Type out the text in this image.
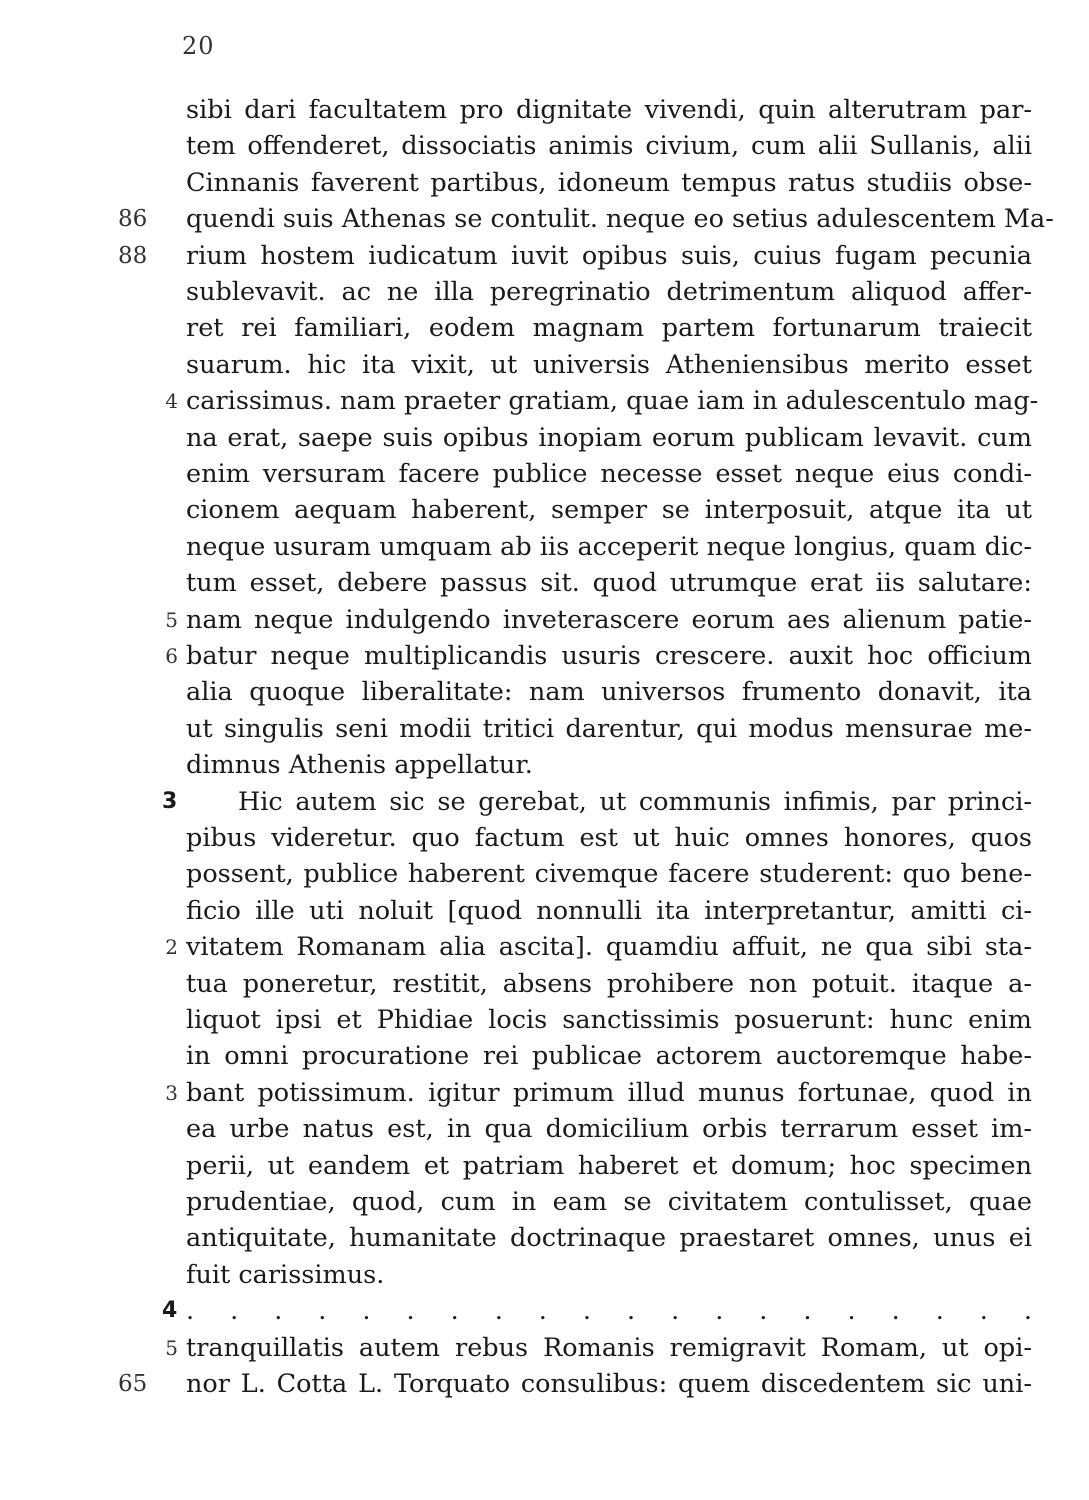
20
sibi dari facultatem pro dignitate vivendi, quin alterutram par-
tem offenderet, dissociatis animis civium, cum alii Sullanis, alii
Cinnanis faverent partibus, idoneum tempus ratus studiis obse-
86	quendi suis Athenas se contulit. neque eo setius adulescentem Ma-
88	rium hostem iudicatum iuvit opibus suis, cuius fugam pecunia
sublevavit. ac ne illa peregrinatio detrimentum aliquod affer-
ret rei familiari, eodem magnam partem fortunarum traiecit
suarum. hic ita vixit, ut universis Atheniensibus merito esset
4 carissimus. nam praeter gratiam, quae iam in adulescentulo mag-
na erat, saepe suis opibus inopiam eorum publicam levavit. cum
enim versuram facere publice necesse esset neque eius condi-
cionem aequam haberent, semper se interposuit, atque ita ut
neque usuram umquam ab iis acceperit neque longius, quam dic-
tum esset, debere passus sit. quod utrumque erat iis salutare:
5 nam neque indulgendo inveterascere eorum aes alienum patie-
6 batur neque multiplicandis usuris crescere. auxit hoc officium
alia quoque liberalitate: nam universos frumento donavit, ita
ut singulis seni modii tritici darentur, qui modus mensurae me-
dimnus Athenis appellatur.
3 Hic autem sic se gerebat, ut communis infimis, par princi-
pibus videretur. quo factum est ut huic omnes honores, quos
possent, publice haberent civemque facere studerent: quo bene-
ficio ille uti noluit [quod nonnulli ita interpretantur, amitti ci-
2 vitatem Romanam alia ascita]. quamdiu affuit, ne qua sibi sta-
tua poneretur, restitit, absens prohibere non potuit. itaque a-
liquot ipsi et Phidiae locis sanctissimis posuerunt: hunc enim
in omni procuratione rei publicae actorem auctoremque habe-
3 bant potissimum. igitur primum illud munus fortunae, quod in
ea urbe natus est, in qua domicilium orbis terrarum esset im-
perii, ut eandem et patriam haberet et domum; hoc specimen
prudentiae, quod, cum in eam se civitatem contulisset, quae
antiquitate, humanitate doctrinaque praestaret omnes, unus ei
fuit carissimus.
4 . . . . . . . . . . . . . . . . . . . .
5 tranquillatis autem rebus Romanis remigravit Romam, ut opi-
65	nor L. Cotta L. Torquato consulibus: quem discedentem sic uni-
